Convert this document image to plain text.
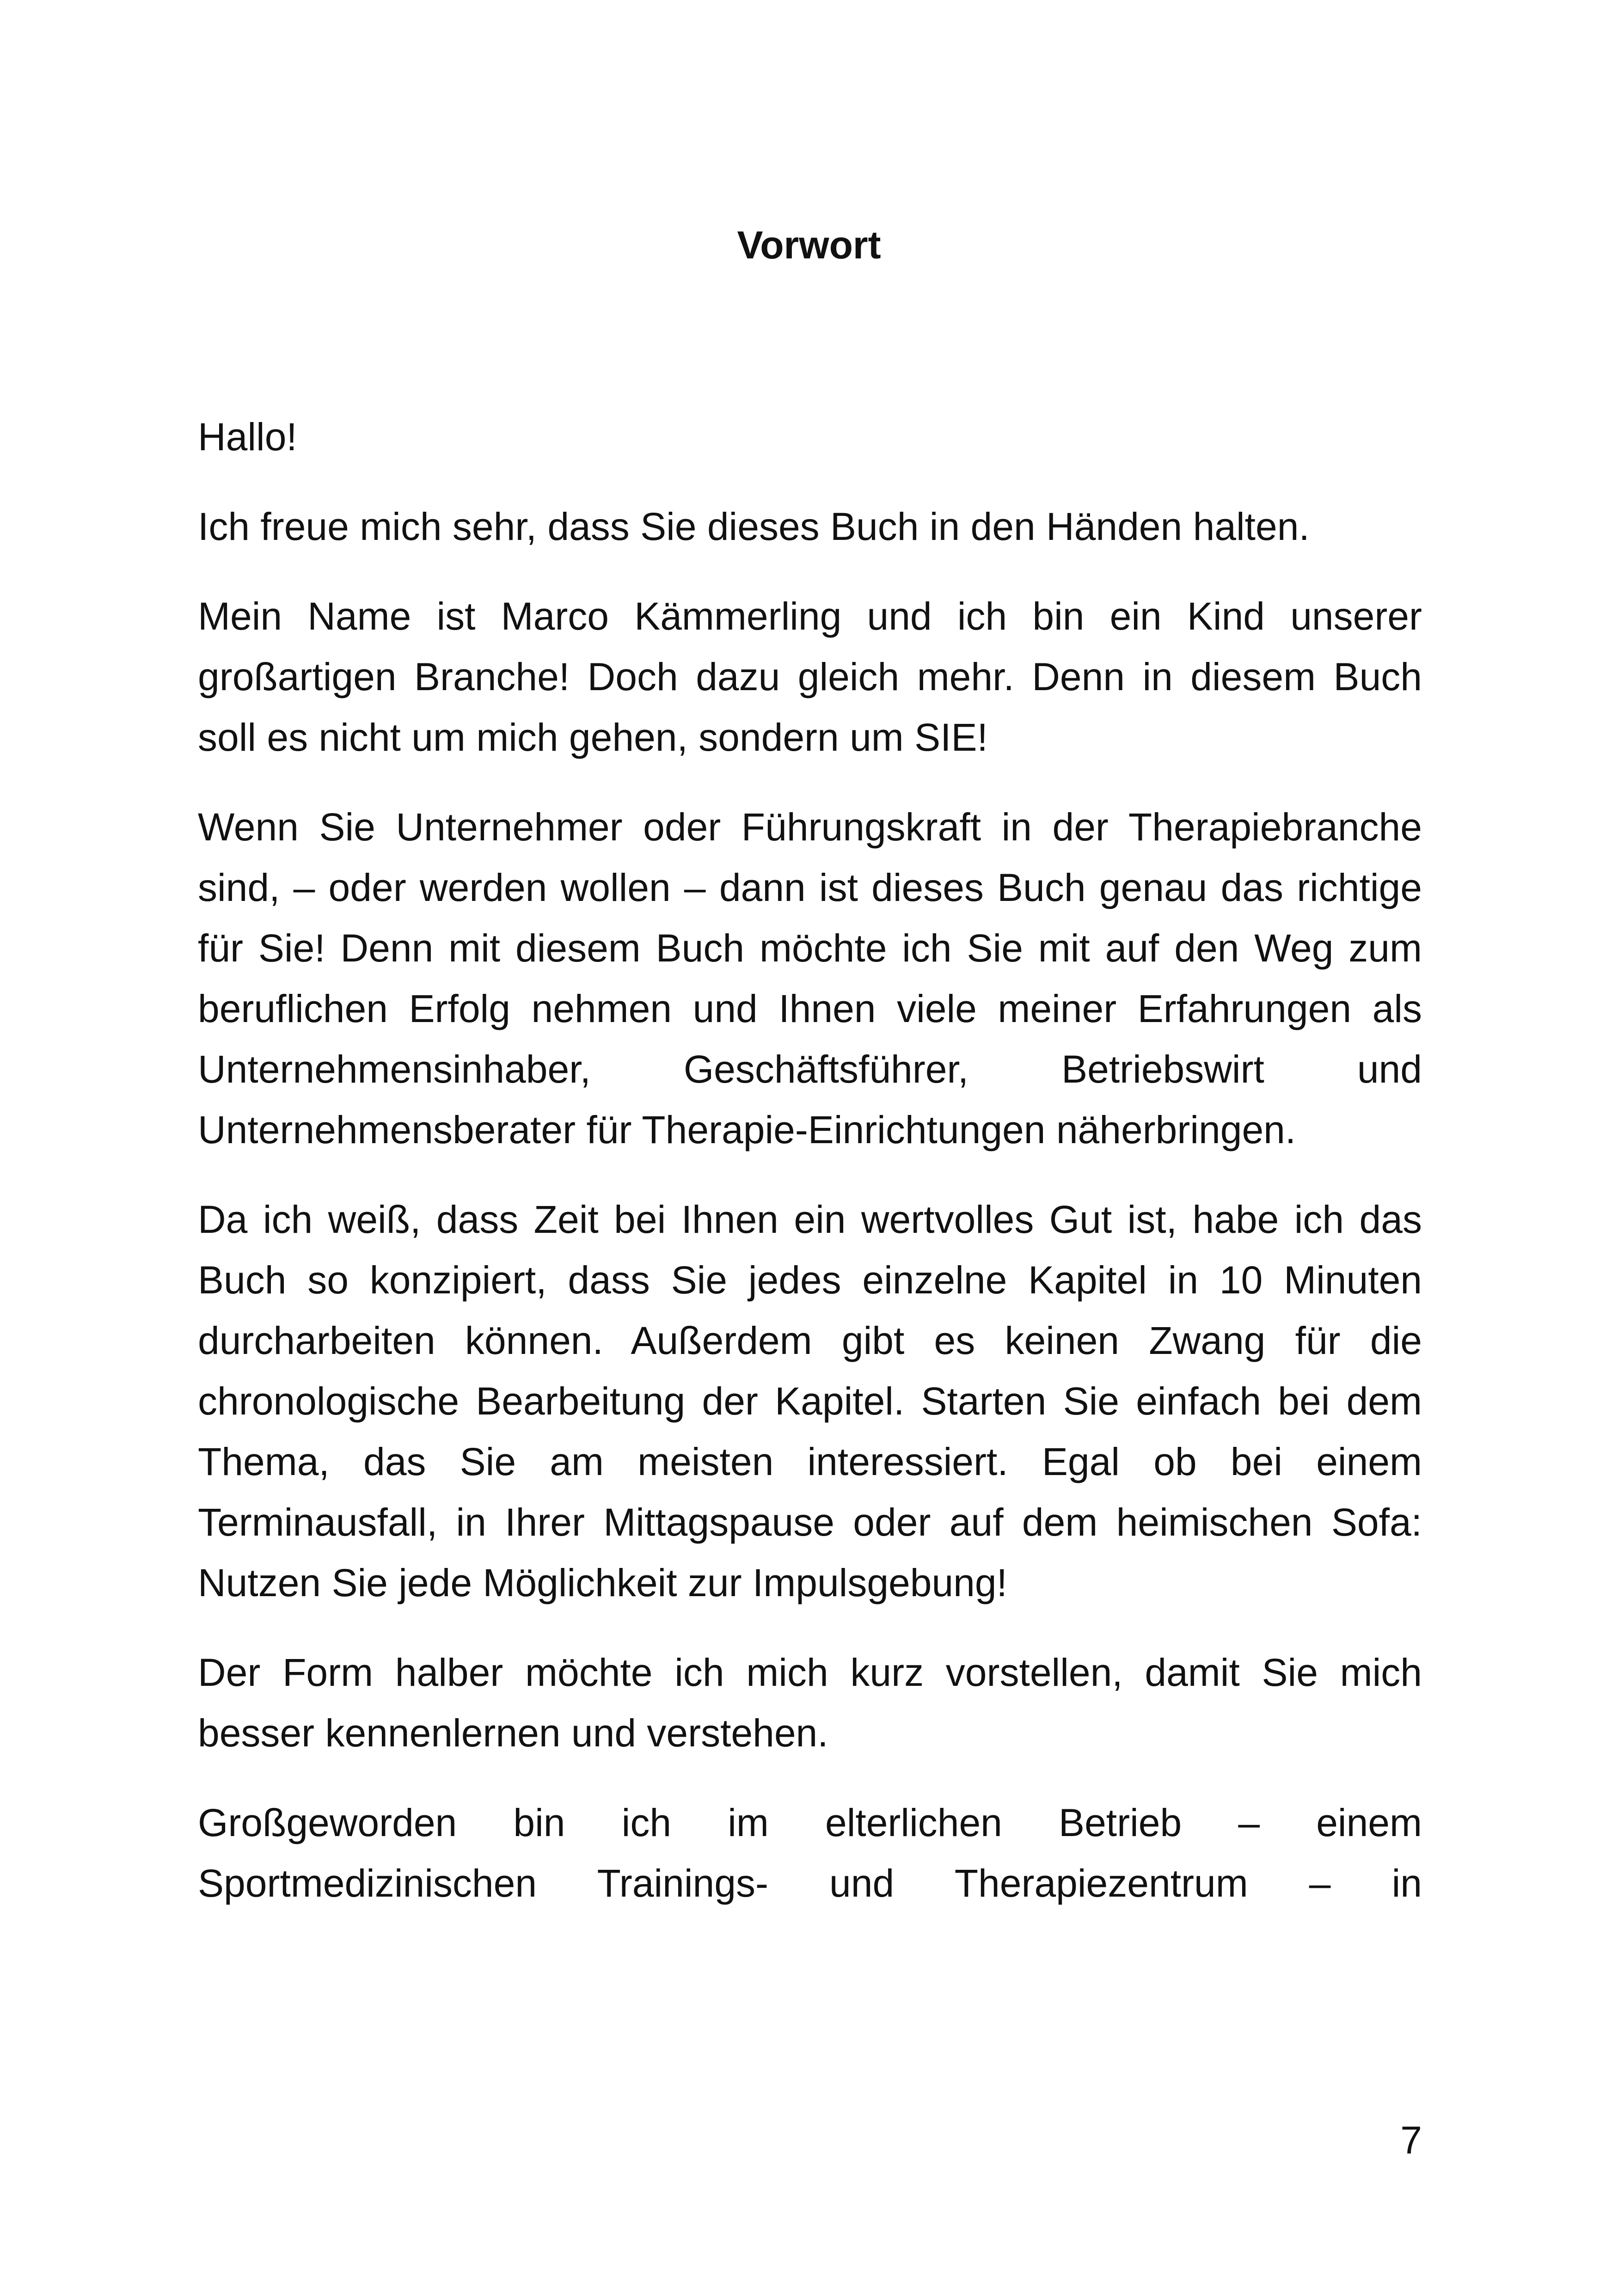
Vorwort

Hallo!

Ich freue mich sehr, dass Sie dieses Buch in den Händen halten.

Mein Name ist Marco Kämmerling und ich bin ein Kind unserer großartigen Branche! Doch dazu gleich mehr. Denn in diesem Buch soll es nicht um mich gehen, sondern um SIE!

Wenn Sie Unternehmer oder Führungskraft in der Therapiebranche sind, – oder werden wollen – dann ist dieses Buch genau das richtige für Sie! Denn mit diesem Buch möchte ich Sie mit auf den Weg zum beruflichen Erfolg nehmen und Ihnen viele meiner Erfahrungen als Unternehmensinhaber, Geschäftsführer, Betriebswirt und Unternehmensberater für Therapie-Einrichtungen näherbringen.

Da ich weiß, dass Zeit bei Ihnen ein wertvolles Gut ist, habe ich das Buch so konzipiert, dass Sie jedes einzelne Kapitel in 10 Minuten durcharbeiten können. Außerdem gibt es keinen Zwang für die chronologische Bearbeitung der Kapitel. Starten Sie einfach bei dem Thema, das Sie am meisten interessiert. Egal ob bei einem Terminausfall, in Ihrer Mittagspause oder auf dem heimischen Sofa: Nutzen Sie jede Möglichkeit zur Impulsgebung!

Der Form halber möchte ich mich kurz vorstellen, damit Sie mich besser kennenlernen und verstehen.

Großgeworden bin ich im elterlichen Betrieb – einem Sportmedizinischen Trainings- und Therapiezentrum – in

7
